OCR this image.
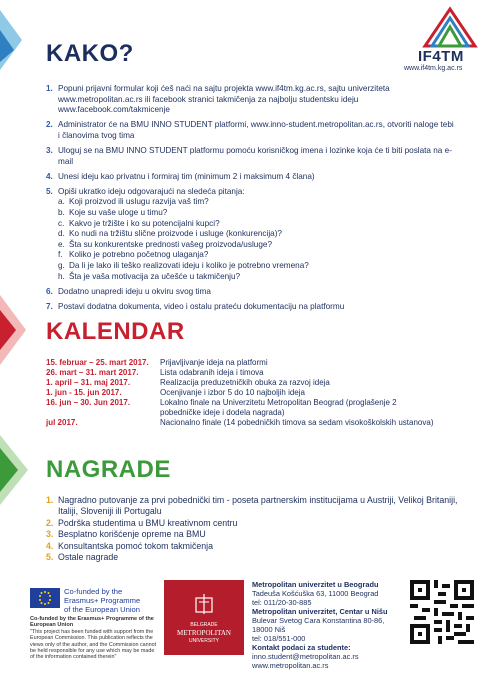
IF4TM
www.if4tm.kg.ac.rs
KAKO?
1. Popuni prijavni formular koji ćeš naći na sajtu projekta www.if4tm.kg.ac.rs, sajtu univerziteta www.metropolitan.ac.rs ili facebook stranici takmičenja za najbolju studentsku ideju www.facebook.com/takmicenje
2. Administrator će na BMU INNO STUDENT platformi, www.inno-student.metropolitan.ac.rs, otvoriti naloge tebi i članovima tvog tima
3. Uloguj se na BMU INNO STUDENT platformu pomoću korisničkog imena i lozinke koja će ti biti poslata na e-mail
4. Unesi ideju kao privatnu i formiraj tim (minimum 2 i maksimum 4 člana)
5. Opiši ukratko ideju odgovarajući na sledeća pitanja:
a. Koji proizvod ili uslugu razvija vaš tim?
b. Koje su vaše uloge u timu?
c. Kakvo je tržište i ko su potencijalni kupci?
d. Ko nudi na tržištu slične proizvode i usluge (konkurencija)?
e. Šta su konkurentske prednosti vašeg proizvoda/usluge?
f. Koliko je potrebno početnog ulaganja?
g. Da li je lako ili teško realizovati ideju i koliko je potrebno vremena?
h. Šta je vaša motivacija za učešće u takmičenju?
6. Dodatno unapredi ideju u okviru svog tima
7. Postavi dodatna dokumenta, video i ostalu prateću dokumentaciju na platformu
KALENDAR
15. februar – 25. mart 2017.	Prijavljivanje ideja na platformi
26. mart – 31. mart 2017.	Lista odabranih ideja i timova
1. april – 31. maj 2017.	Realizacija preduzetničkih obuka za razvoj ideja
1. jun - 15. jun 2017.	Ocenjivanje i izbor 5 do 10 najboljih ideja
16. jun – 30. Jun 2017.	Lokalno finale na Univerzitetu Metropolitan Beograd (proglašenje 2 pobedničke ideje i dodela nagrada)
jul 2017.	Nacionalno finale (14 pobedničkih timova sa sedam visokoškolskih ustanova)
NAGRADE
1. Nagradno putovanje za prvi pobednički tim - poseta partnerskim institucijama u Austriji, Velikoj Britaniji, Italiji, Sloveniji ili Portugalu
2. Podrška studentima u BMU kreativnom centru
3. Besplatno korišćenje opreme na BMU
4. Konsultantska pomoć tokom takmičenja
5. Ostale nagrade
Co-funded by the
Erasmus+ Programme
of the European Union
Co-funded by the Erasmus+ Programme of the European Union
"This project has been funded with support from the European Commission. This publication reflects the views only of the author, and the Commission cannot be held responsible for any use which may be made of the information contained therein"
BELGRADE
METROPOLITAN
UNIVERSITY
Metropolitan univerzitet u Beogradu
Tadeuša Košćuška 63, 11000 Beograd
tel: 011/20-30-885
Metropolitan univerzitet, Centar u Nišu
Bulevar Svetog Cara Konstantina 80-86,
18000 Niš
tel: 018/551-000
Kontakt podaci za studente:
inno.student@metropolitan.ac.rs
www.metropolitan.ac.rs
